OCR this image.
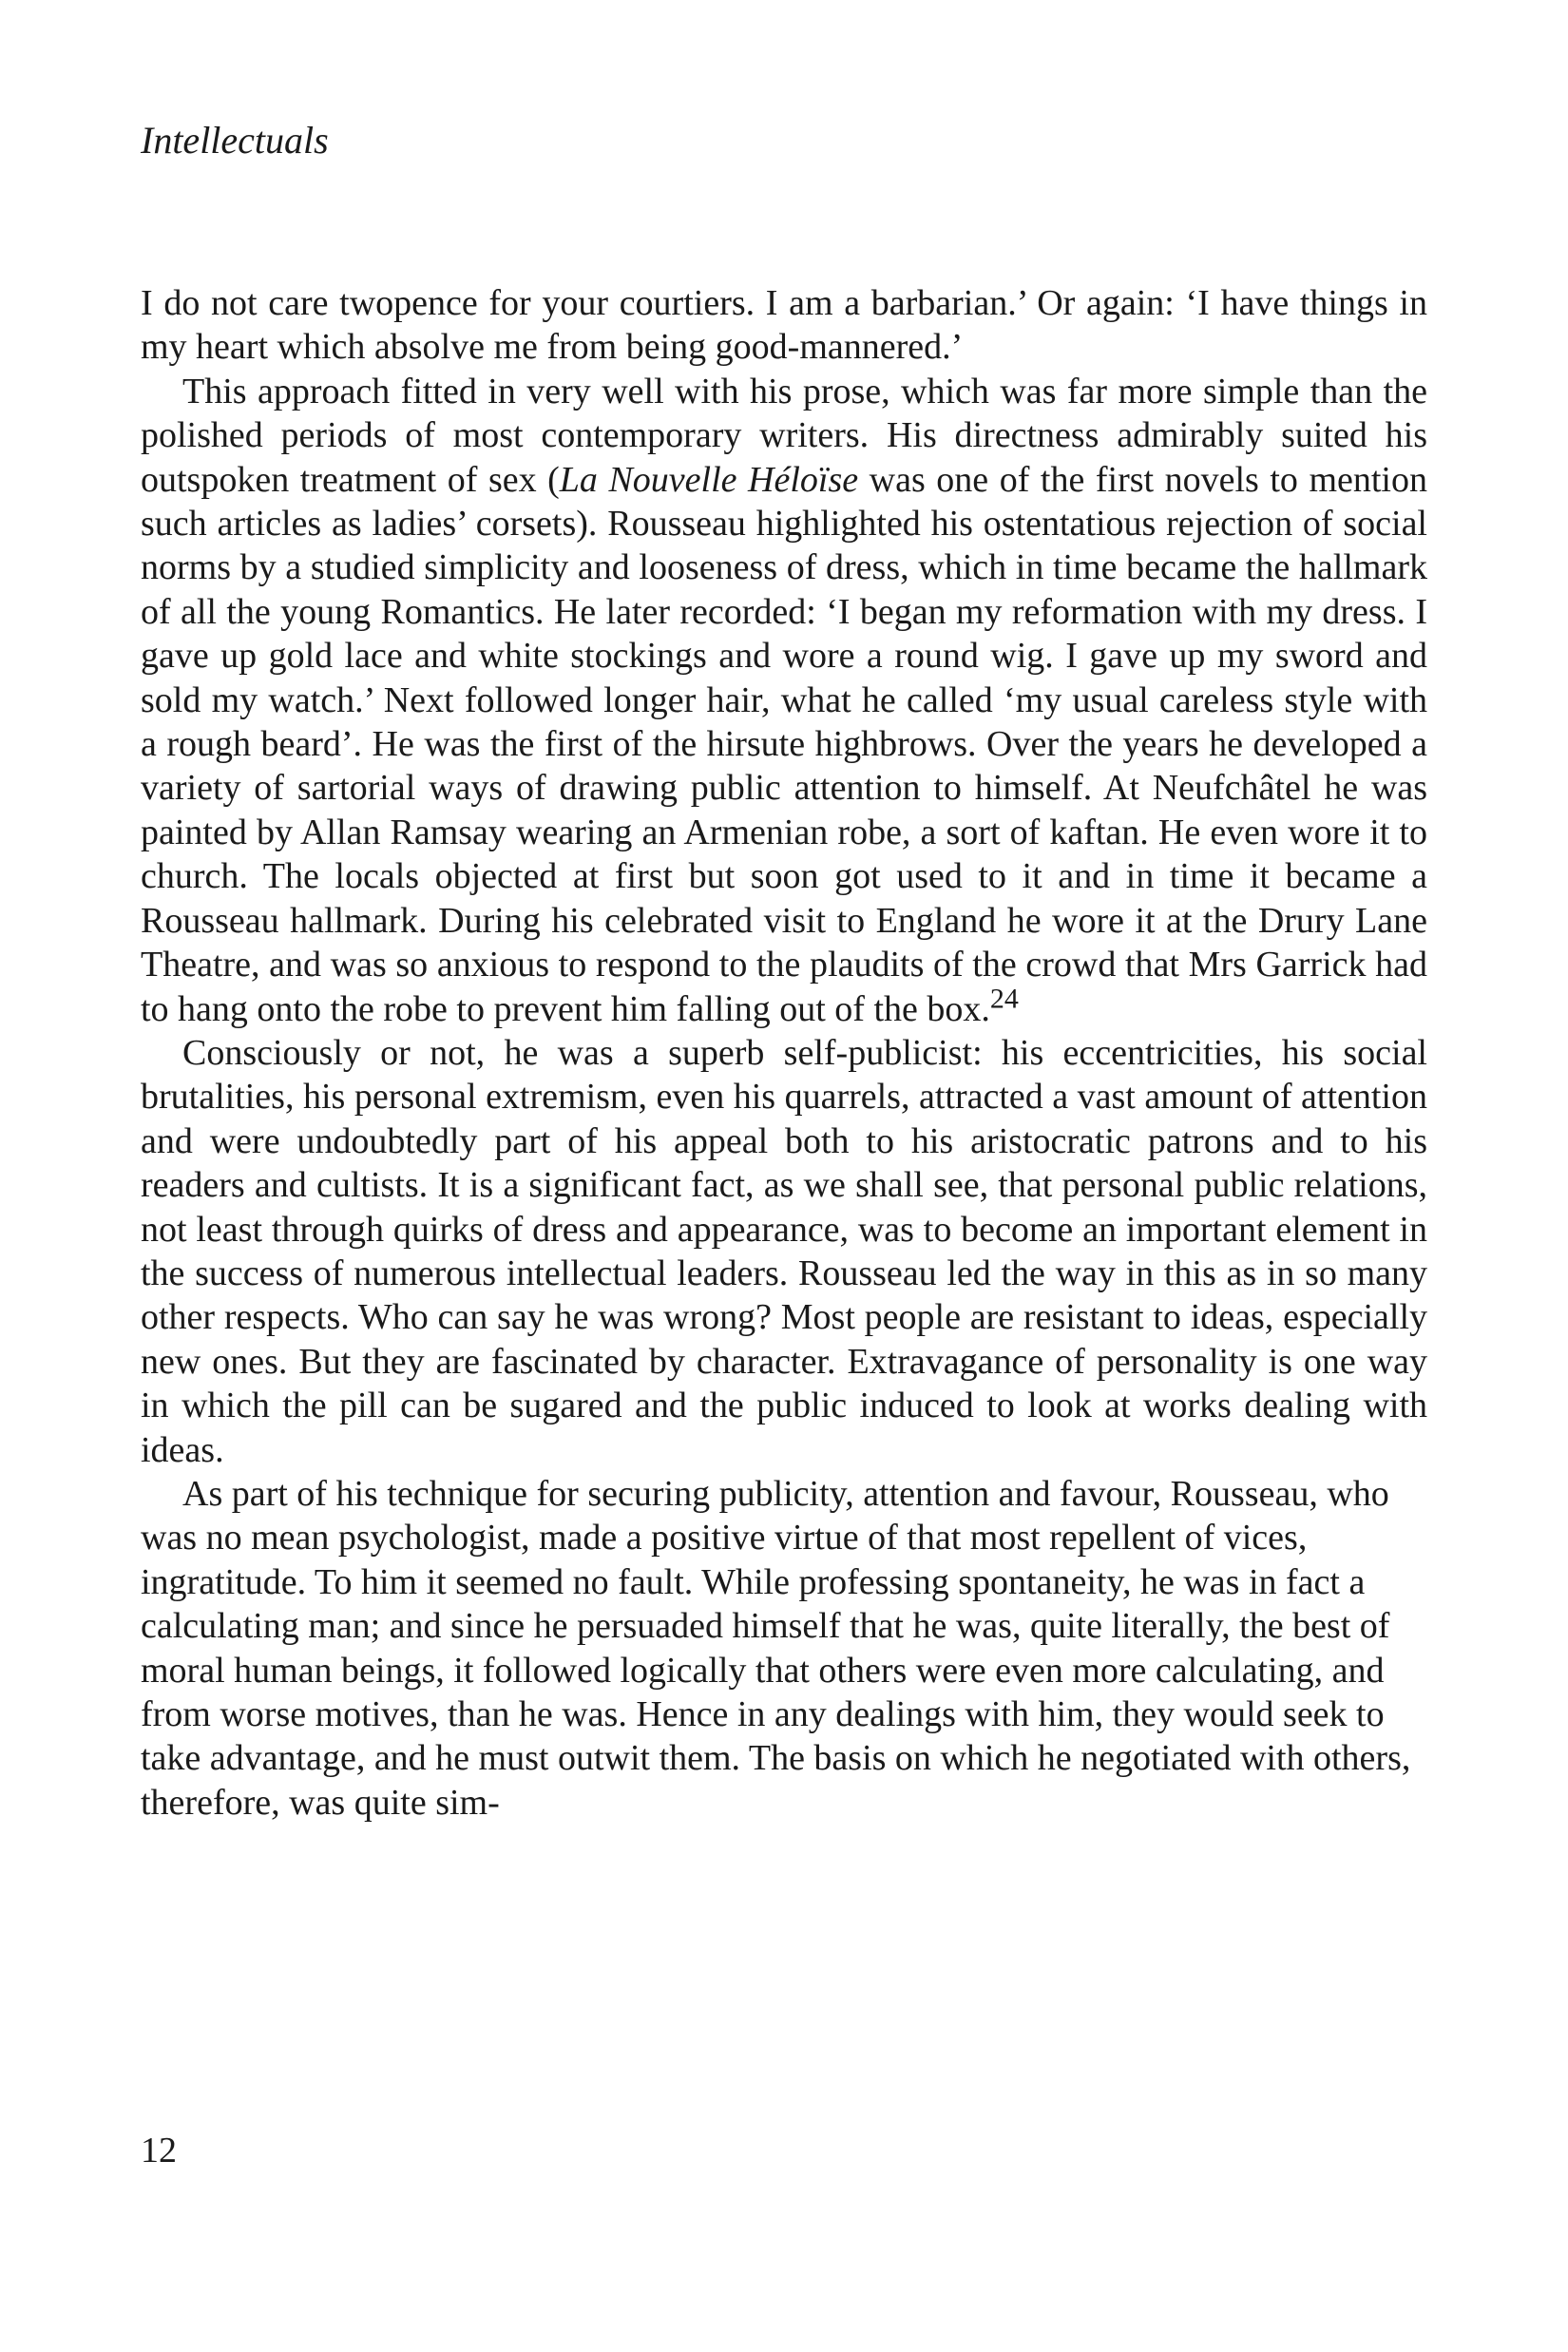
Intellectuals

I do not care twopence for your courtiers. I am a barbarian.’ Or again: ‘I have things in my heart which absolve me from being good-mannered.’

This approach fitted in very well with his prose, which was far more simple than the polished periods of most contemporary writers. His directness admirably suited his outspoken treatment of sex (La Nouvelle Héloïse was one of the first novels to mention such articles as ladies’ corsets). Rousseau highlighted his ostentatious rejection of social norms by a studied simplicity and looseness of dress, which in time became the hallmark of all the young Romantics. He later recorded: ‘I began my reformation with my dress. I gave up gold lace and white stockings and wore a round wig. I gave up my sword and sold my watch.’ Next followed longer hair, what he called ‘my usual careless style with a rough beard’. He was the first of the hirsute highbrows. Over the years he developed a variety of sartorial ways of drawing public attention to himself. At Neufchâtel he was painted by Allan Ramsay wearing an Armenian robe, a sort of kaftan. He even wore it to church. The locals objected at first but soon got used to it and in time it became a Rousseau hallmark. During his celebrated visit to England he wore it at the Drury Lane Theatre, and was so anxious to respond to the plaudits of the crowd that Mrs Garrick had to hang onto the robe to prevent him falling out of the box.$^{24}$

Consciously or not, he was a superb self-publicist: his eccentricities, his social brutalities, his personal extremism, even his quarrels, attracted a vast amount of attention and were undoubtedly part of his appeal both to his aristocratic patrons and to his readers and cultists. It is a significant fact, as we shall see, that personal public relations, not least through quirks of dress and appearance, was to become an important element in the success of numerous intellectual leaders. Rousseau led the way in this as in so many other respects. Who can say he was wrong? Most people are resistant to ideas, especially new ones. But they are fascinated by character. Extravagance of personality is one way in which the pill can be sugared and the public induced to look at works dealing with ideas.

As part of his technique for securing publicity, attention and favour, Rousseau, who was no mean psychologist, made a positive virtue of that most repellent of vices, ingratitude. To him it seemed no fault. While professing spontaneity, he was in fact a calculating man; and since he persuaded himself that he was, quite literally, the best of moral human beings, it followed logically that others were even more calculating, and from worse motives, than he was. Hence in any dealings with him, they would seek to take advantage, and he must outwit them. The basis on which he negotiated with others, therefore, was quite sim-

12
